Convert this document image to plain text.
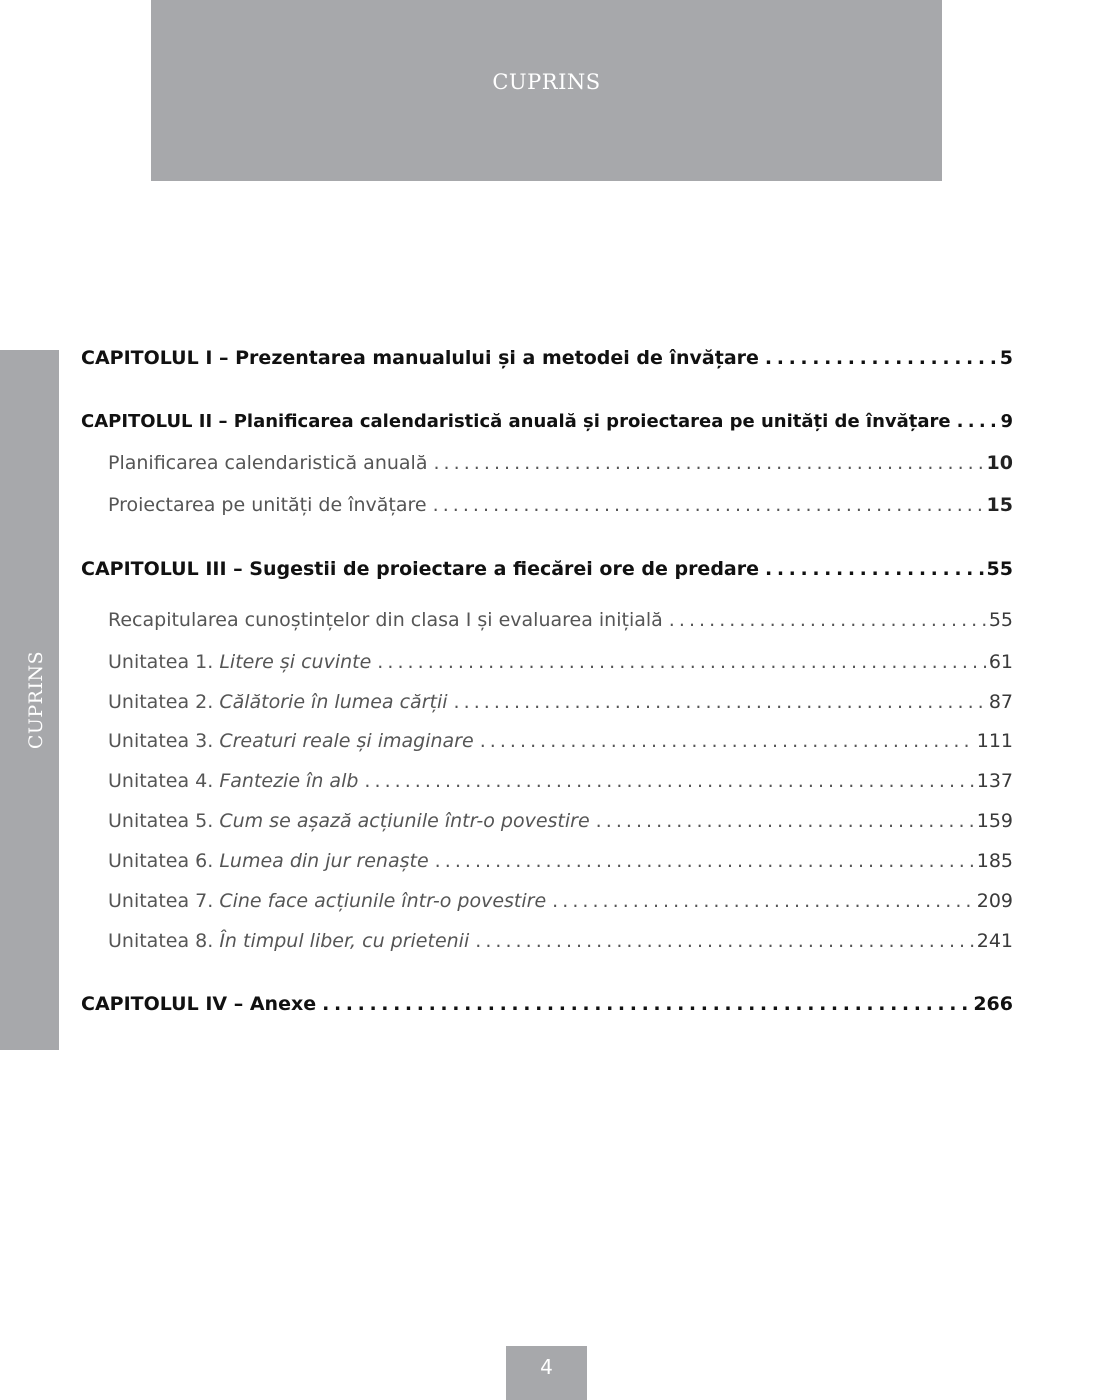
CUPRINS
CUPRINS
CAPITOLUL I – Prezentarea manualului și a metodei de învățare . . .	5
CAPITOLUL II – Planificarea calendaristică anuală și proiectarea pe unități de învățare . . .	9
Planificarea calendaristică anuală . . .	10
Proiectarea pe unități de învățare . . .	15
CAPITOLUL III – Sugestii de proiectare a fiecărei ore de predare . . .	55
Recapitularea cunoștințelor din clasa I și evaluarea inițială . . .	55
Unitatea 1. Litere și cuvinte . . .	61
Unitatea 2. Călătorie în lumea cărții . . .	87
Unitatea 3. Creaturi reale și imaginare . . .	111
Unitatea 4. Fantezie în alb . . .	137
Unitatea 5. Cum se așază acțiunile într-o povestire . . .	159
Unitatea 6. Lumea din jur renaște . . .	185
Unitatea 7. Cine face acțiunile într-o povestire . . .	209
Unitatea 8. În timpul liber, cu prietenii . . .	241
CAPITOLUL IV – Anexe . . .	266
4
